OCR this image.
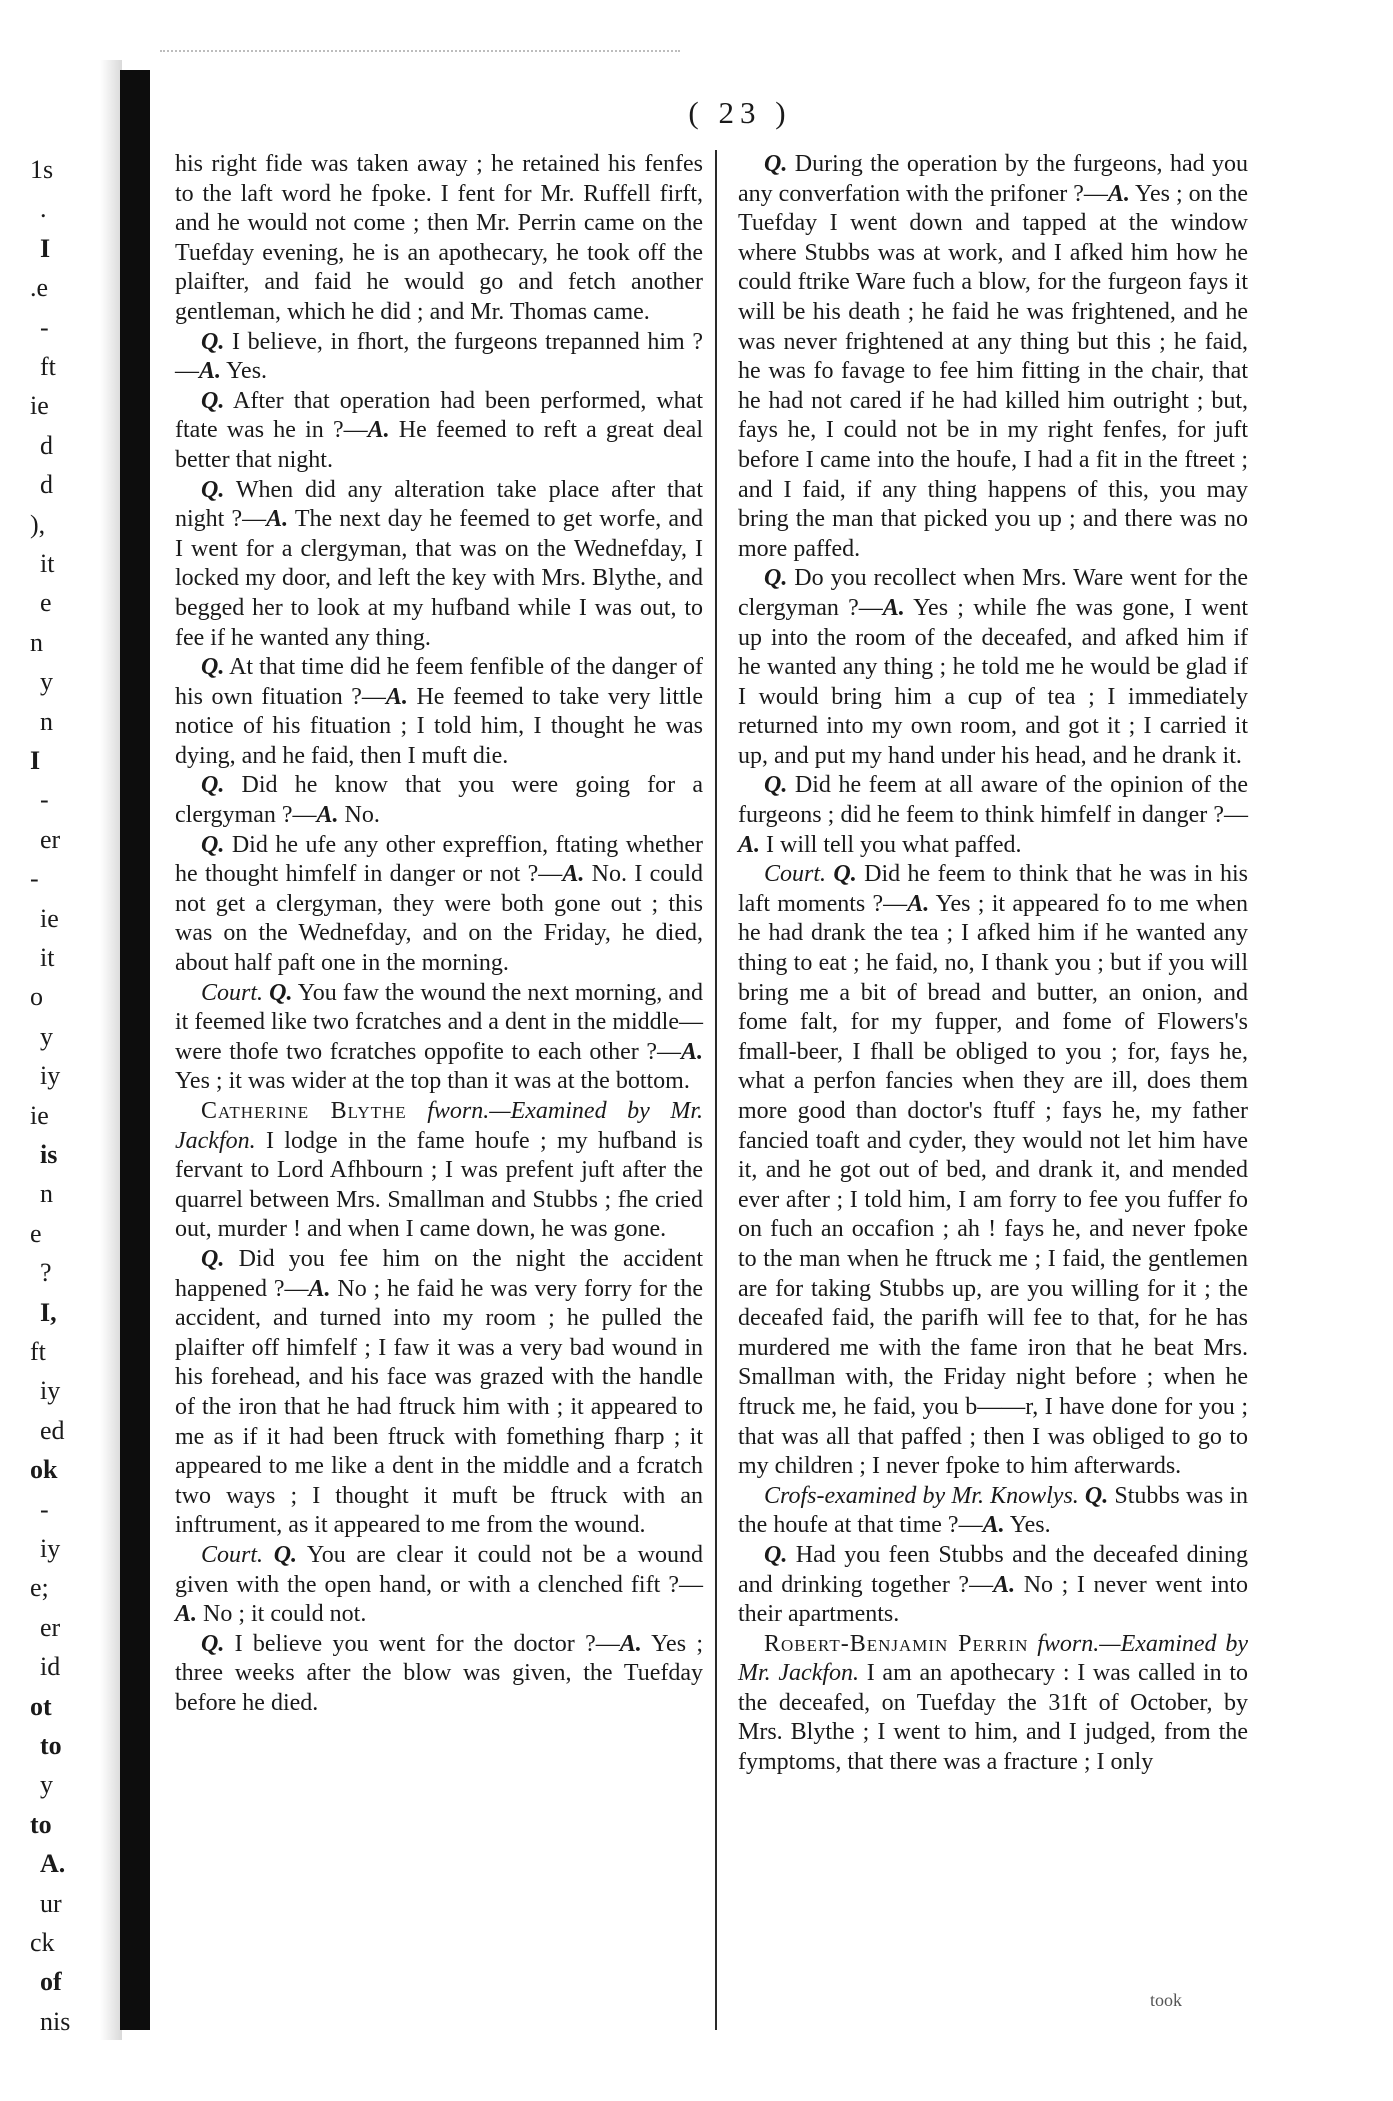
1s
.
I
.e
-
ft
ie
d
d
),
it
e
n
y
n
I
-
er
-
ie
it
o
y
iy
ie
is
n
e
?
I,
ft
iy
ed
ok
-
iy
e;
er
id
ot
to
y
to
A.
ur
ck
of
nis
( 23 )

his right fide was taken away ; he retained his fenfes to the laft word he fpoke. I fent for Mr. Ruffell firft, and he would not come ; then Mr. Perrin came on the Tuefday evening, he is an apothecary, he took off the plaifter, and faid he would go and fetch another gentleman, which he did ; and Mr. Thomas came.

Q. I believe, in fhort, the furgeons trepanned him ?—A. Yes.

Q. After that operation had been performed, what ftate was he in ?—A. He feemed to reft a great deal better that night.

Q. When did any alteration take place after that night ?—A. The next day he feemed to get worfe, and I went for a clergyman, that was on the Wednefday, I locked my door, and left the key with Mrs. Blythe, and begged her to look at my hufband while I was out, to fee if he wanted any thing.

Q. At that time did he feem fenfible of the danger of his own fituation ?—A. He feemed to take very little notice of his fituation ; I told him, I thought he was dying, and he faid, then I muft die.

Q. Did he know that you were going for a clergyman ?—A. No.

Q. Did he ufe any other expreffion, ftating whether he thought himfelf in danger or not ?—A. No. I could not get a clergyman, they were both gone out ; this was on the Wednefday, and on the Friday, he died, about half paft one in the morning.

Court. Q. You faw the wound the next morning, and it feemed like two fcratches and a dent in the middle—were thofe two fcratches oppofite to each other ?—A. Yes ; it was wider at the top than it was at the bottom.

Catherine Blythe fworn.—Examined by Mr. Jackfon. I lodge in the fame houfe ; my hufband is fervant to Lord Afhbourn ; I was prefent juft after the quarrel between Mrs. Smallman and Stubbs ; fhe cried out, murder ! and when I came down, he was gone.

Q. Did you fee him on the night the accident happened ?—A. No ; he faid he was very forry for the accident, and turned into my room ; he pulled the plaifter off himfelf ; I faw it was a very bad wound in his forehead, and his face was grazed with the handle of the iron that he had ftruck him with ; it appeared to me as if it had been ftruck with fomething fharp ; it appeared to me like a dent in the middle and a fcratch two ways ; I thought it muft be ftruck with an inftrument, as it appeared to me from the wound.

Court. Q. You are clear it could not be a wound given with the open hand, or with a clenched fift ?—A. No ; it could not.

Q. I believe you went for the doctor ?—A. Yes ; three weeks after the blow was given, the Tuefday before he died.

Q. During the operation by the furgeons, had you any converfation with the prifoner ?—A. Yes ; on the Tuefday I went down and tapped at the window where Stubbs was at work, and I afked him how he could ftrike Ware fuch a blow, for the furgeon fays it will be his death ; he faid he was frightened, and he was never frightened at any thing but this ; he faid, he was fo favage to fee him fitting in the chair, that he had not cared if he had killed him outright ; but, fays he, I could not be in my right fenfes, for juft before I came into the houfe, I had a fit in the ftreet ; and I faid, if any thing happens of this, you may bring the man that picked you up ; and there was no more paffed.

Q. Do you recollect when Mrs. Ware went for the clergyman ?—A. Yes ; while fhe was gone, I went up into the room of the deceafed, and afked him if he wanted any thing ; he told me he would be glad if I would bring him a cup of tea ; I immediately returned into my own room, and got it ; I carried it up, and put my hand under his head, and he drank it.

Q. Did he feem at all aware of the opinion of the furgeons ; did he feem to think himfelf in danger ?—A. I will tell you what paffed.

Court. Q. Did he feem to think that he was in his laft moments ?—A. Yes ; it appeared fo to me when he had drank the tea ; I afked him if he wanted any thing to eat ; he faid, no, I thank you ; but if you will bring me a bit of bread and butter, an onion, and fome falt, for my fupper, and fome of Flowers's fmall-beer, I fhall be obliged to you ; for, fays he, what a perfon fancies when they are ill, does them more good than doctor's ftuff ; fays he, my father fancied toaft and cyder, they would not let him have it, and he got out of bed, and drank it, and mended ever after ; I told him, I am forry to fee you fuffer fo on fuch an occafion ; ah ! fays he, and never fpoke to the man when he ftruck me ; I faid, the gentlemen are for taking Stubbs up, are you willing for it ; the deceafed faid, the parifh will fee to that, for he has murdered me with the fame iron that he beat Mrs. Smallman with, the Friday night before ; when he ftruck me, he faid, you b——r, I have done for you ; that was all that paffed ; then I was obliged to go to my children ; I never fpoke to him afterwards.

Crofs-examined by Mr. Knowlys. Q. Stubbs was in the houfe at that time ?—A. Yes.

Q. Had you feen Stubbs and the deceafed dining and drinking together ?—A. No ; I never went into their apartments.

Robert-Benjamin Perrin fworn.—Examined by Mr. Jackfon. I am an apothecary : I was called in to the deceafed, on Tuefday the 31ft of October, by Mrs. Blythe ; I went to him, and I judged, from the fymptoms, that there was a fracture ; I only

took
